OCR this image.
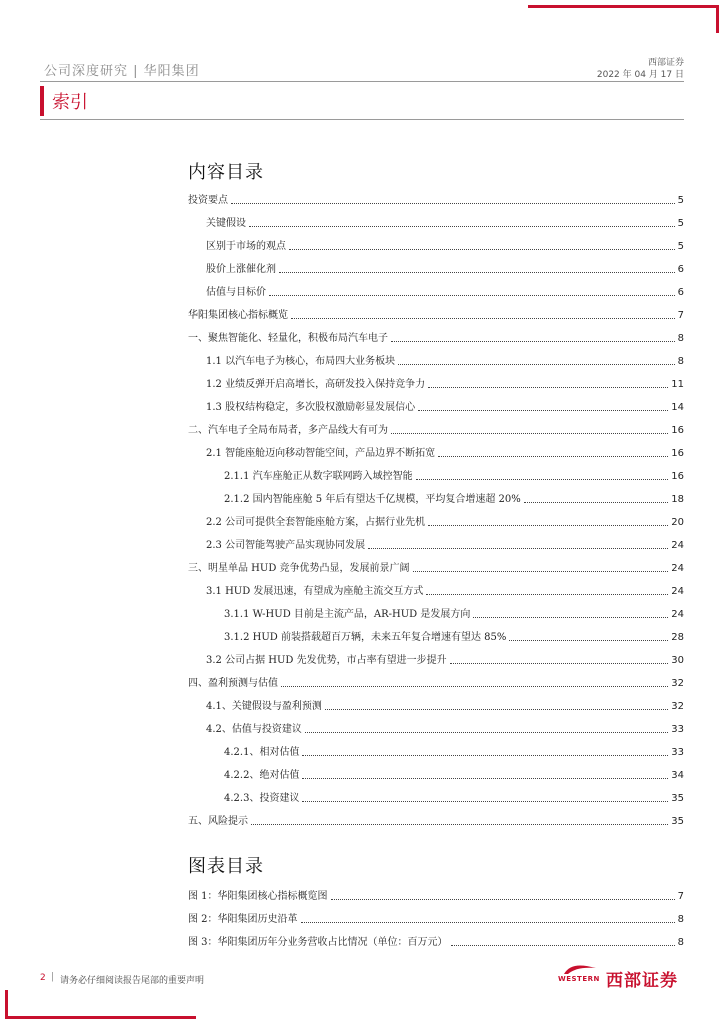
公司深度研究 | 华阳集团
西部证券
2022 年 04 月 17 日
索引
内容目录
投资要点	5
关键假设	5
区别于市场的观点	5
股价上涨催化剂	6
估值与目标价	6
华阳集团核心指标概览	7
一、聚焦智能化、轻量化，积极布局汽车电子	8
1.1 以汽车电子为核心，布局四大业务板块	8
1.2 业绩反弹开启高增长，高研发投入保持竞争力	11
1.3 股权结构稳定，多次股权激励彰显发展信心	14
二、汽车电子全局布局者，多产品线大有可为	16
2.1 智能座舱迈向移动智能空间，产品边界不断拓宽	16
2.1.1 汽车座舱正从数字联网跨入域控智能	16
2.1.2 国内智能座舱 5 年后有望达千亿规模，平均复合增速超 20%	18
2.2 公司可提供全套智能座舱方案，占据行业先机	20
2.3 公司智能驾驶产品实现协同发展	24
三、明星单品 HUD 竞争优势凸显，发展前景广阔	24
3.1 HUD 发展迅速，有望成为座舱主流交互方式	24
3.1.1 W-HUD 目前是主流产品，AR-HUD 是发展方向	24
3.1.2 HUD 前装搭载超百万辆，未来五年复合增速有望达 85%	28
3.2 公司占据 HUD 先发优势，市占率有望进一步提升	30
四、盈利预测与估值	32
4.1、关键假设与盈利预测	32
4.2、估值与投资建议	33
4.2.1、相对估值	33
4.2.2、绝对估值	34
4.2.3、投资建议	35
五、风险提示	35
图表目录
图 1：华阳集团核心指标概览图	7
图 2：华阳集团历史沿革	8
图 3：华阳集团历年分业务营收占比情况（单位：百万元）	8
2 | 请务必仔细阅读报告尾部的重要声明	WESTERN 西部证券
